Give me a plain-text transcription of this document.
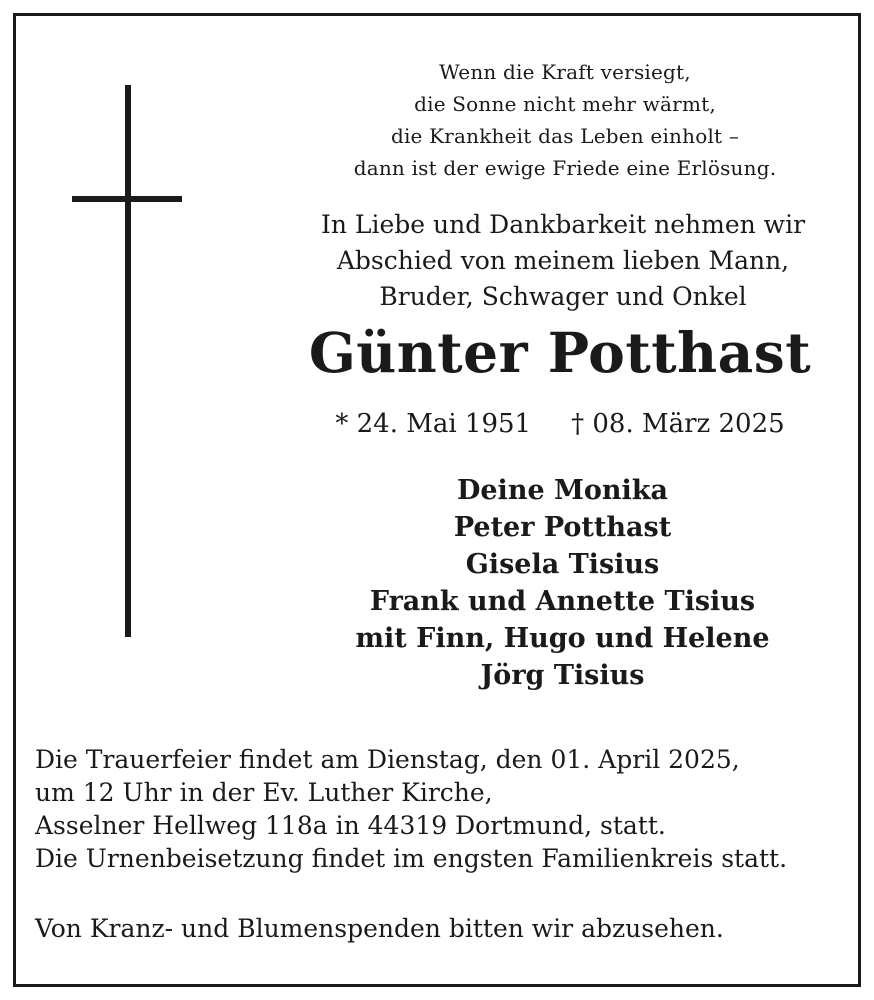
Wenn die Kraft versiegt,
die Sonne nicht mehr wärmt,
die Krankheit das Leben einholt –
dann ist der ewige Friede eine Erlösung.
In Liebe und Dankbarkeit nehmen wir
Abschied von meinem lieben Mann,
Bruder, Schwager und Onkel
Günter Potthast
* 24. Mai 1951 † 08. März 2025
Deine Monika
Peter Potthast
Gisela Tisius
Frank und Annette Tisius
mit Finn, Hugo und Helene
Jörg Tisius
Die Trauerfeier findet am Dienstag, den 01. April 2025,
um 12 Uhr in der Ev. Luther Kirche,
Asselner Hellweg 118a in 44319 Dortmund, statt.
Die Urnenbeisetzung findet im engsten Familienkreis statt.
Von Kranz- und Blumenspenden bitten wir abzusehen.
